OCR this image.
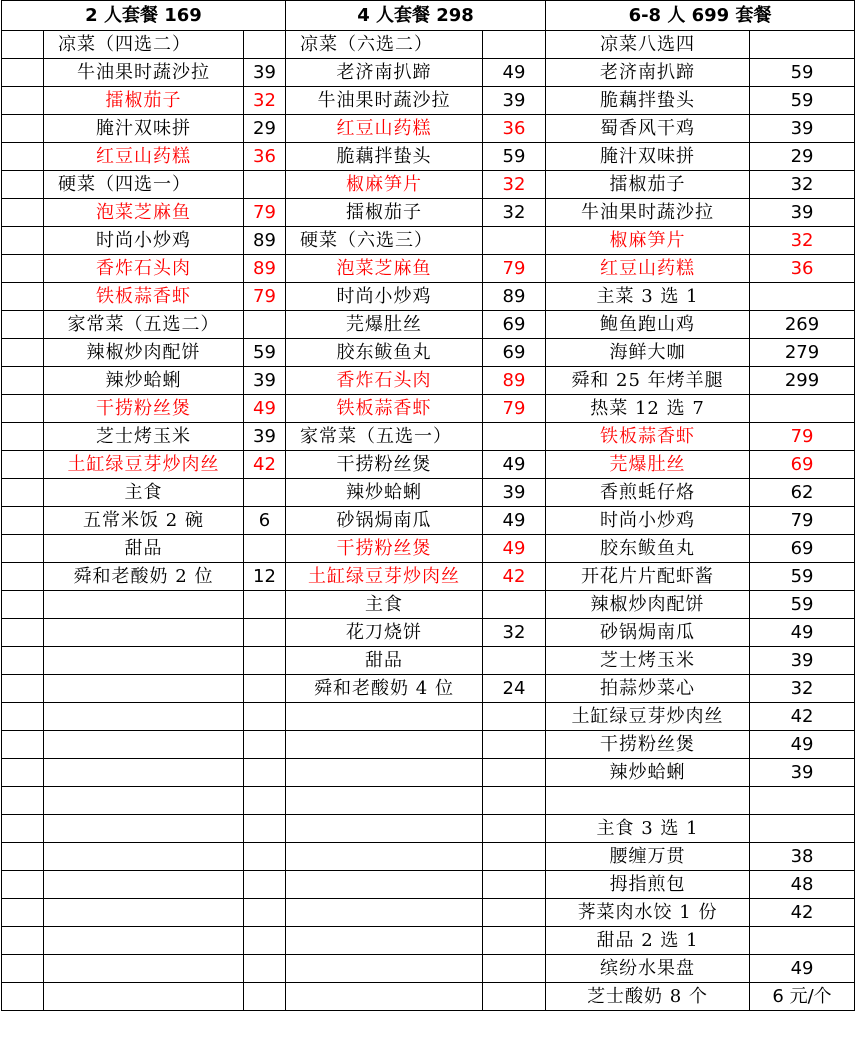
2 人套餐 169			4 人套餐 298		6-8 人 699 套餐	
	凉菜（四选二）		凉菜（六选二）		凉菜八选四	
	牛油果时蔬沙拉	39	老济南扒蹄	49	老济南扒蹄	59
	擂椒茄子	32	牛油果时蔬沙拉	39	脆藕拌蛰头	59
	腌汁双味拼	29	红豆山药糕	36	蜀香风干鸡	39
	红豆山药糕	36	脆藕拌蛰头	59	腌汁双味拼	29
	硬菜（四选一）		椒麻笋片	32	擂椒茄子	32
	泡菜芝麻鱼	79	擂椒茄子	32	牛油果时蔬沙拉	39
	时尚小炒鸡	89	硬菜（六选三）		椒麻笋片	32
	香炸石头肉	89	泡菜芝麻鱼	79	红豆山药糕	36
	铁板蒜香虾	79	时尚小炒鸡	89	主菜 3 选 1	
	家常菜（五选二）		芫爆肚丝	69	鲍鱼跑山鸡	269
	辣椒炒肉配饼	59	胶东鲅鱼丸	69	海鲜大咖	279
	辣炒蛤蜊	39	香炸石头肉	89	舜和 25 年烤羊腿	299
	干捞粉丝煲	49	铁板蒜香虾	79	热菜 12 选 7	
	芝士烤玉米	39	家常菜（五选一）		铁板蒜香虾	79
	土缸绿豆芽炒肉丝	42	干捞粉丝煲	49	芫爆肚丝	69
	主食		辣炒蛤蜊	39	香煎蚝仔烙	62
	五常米饭 2 碗	6	砂锅焗南瓜	49	时尚小炒鸡	79
	甜品		干捞粉丝煲	49	胶东鲅鱼丸	69
	舜和老酸奶 2 位	12	土缸绿豆芽炒肉丝	42	开花片片配虾酱	59
			主食		辣椒炒肉配饼	59
			花刀烧饼	32	砂锅焗南瓜	49
			甜品		芝士烤玉米	39
			舜和老酸奶 4 位	24	拍蒜炒菜心	32
					土缸绿豆芽炒肉丝	42
					干捞粉丝煲	49
					辣炒蛤蜊	39

					主食 3 选 1	
					腰缠万贯	38
					拇指煎包	48
					荠菜肉水饺 1 份	42
					甜品 2 选 1	
					缤纷水果盘	49
					芝士酸奶 8 个	6 元/个
